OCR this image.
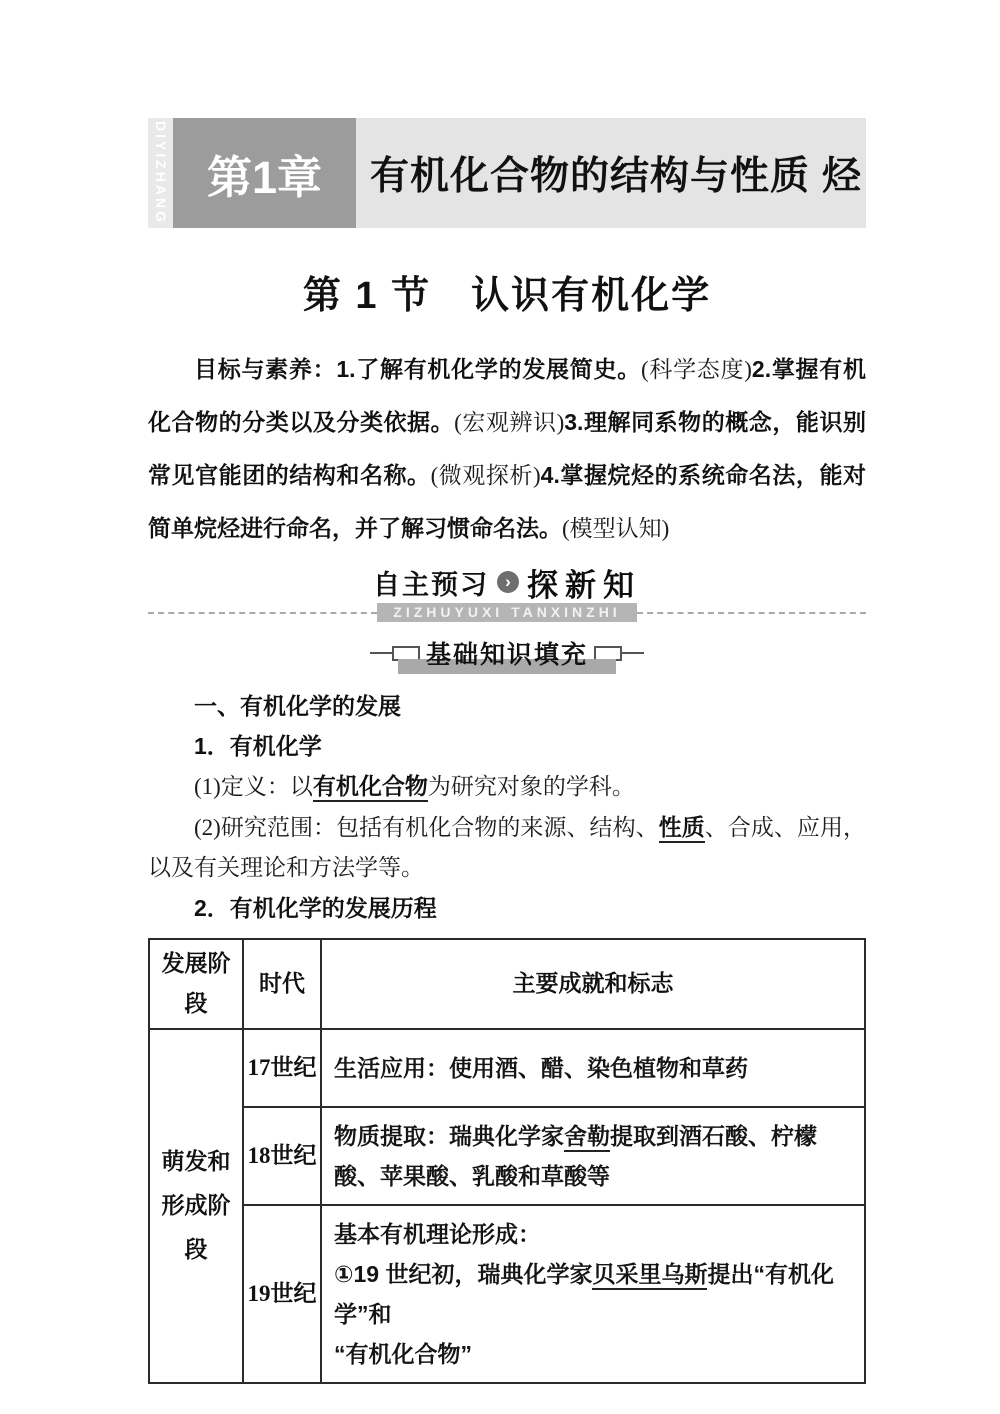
DIYIZHANG 第1章	有机化合物的结构与性质 烃
第 1 节　认识有机化学
目标与素养：1.了解有机化学的发展简史。(科学态度)2.掌握有机化合物的分类以及分类依据。(宏观辨识)3.理解同系物的概念，能识别常见官能团的结构和名称。(微观探析)4.掌握烷烃的系统命名法，能对简单烷烃进行命名，并了解习惯命名法。(模型认知)
自主预习 › 探新知
ZIZHUYUXI TANXINZHI
基础知识填充
一、有机化学的发展
1．有机化学

(1)定义：以有机化合物为研究对象的学科。

(2)研究范围：包括有机化合物的来源、结构、性质、合成、应用，以及有关理论和方法学等。

2．有机化学的发展历程
发展阶段	时代	主要成就和标志
萌发和形成阶段	17世纪	生活应用：使用酒、醋、染色植物和草药
	18世纪	物质提取：瑞典化学家舍勒提取到酒石酸、柠檬酸、苹果酸、乳酸和草酸等
	19世纪	基本有机理论形成：
①19 世纪初，瑞典化学家贝采里乌斯提出“有机化学”和
“有机化合物”
